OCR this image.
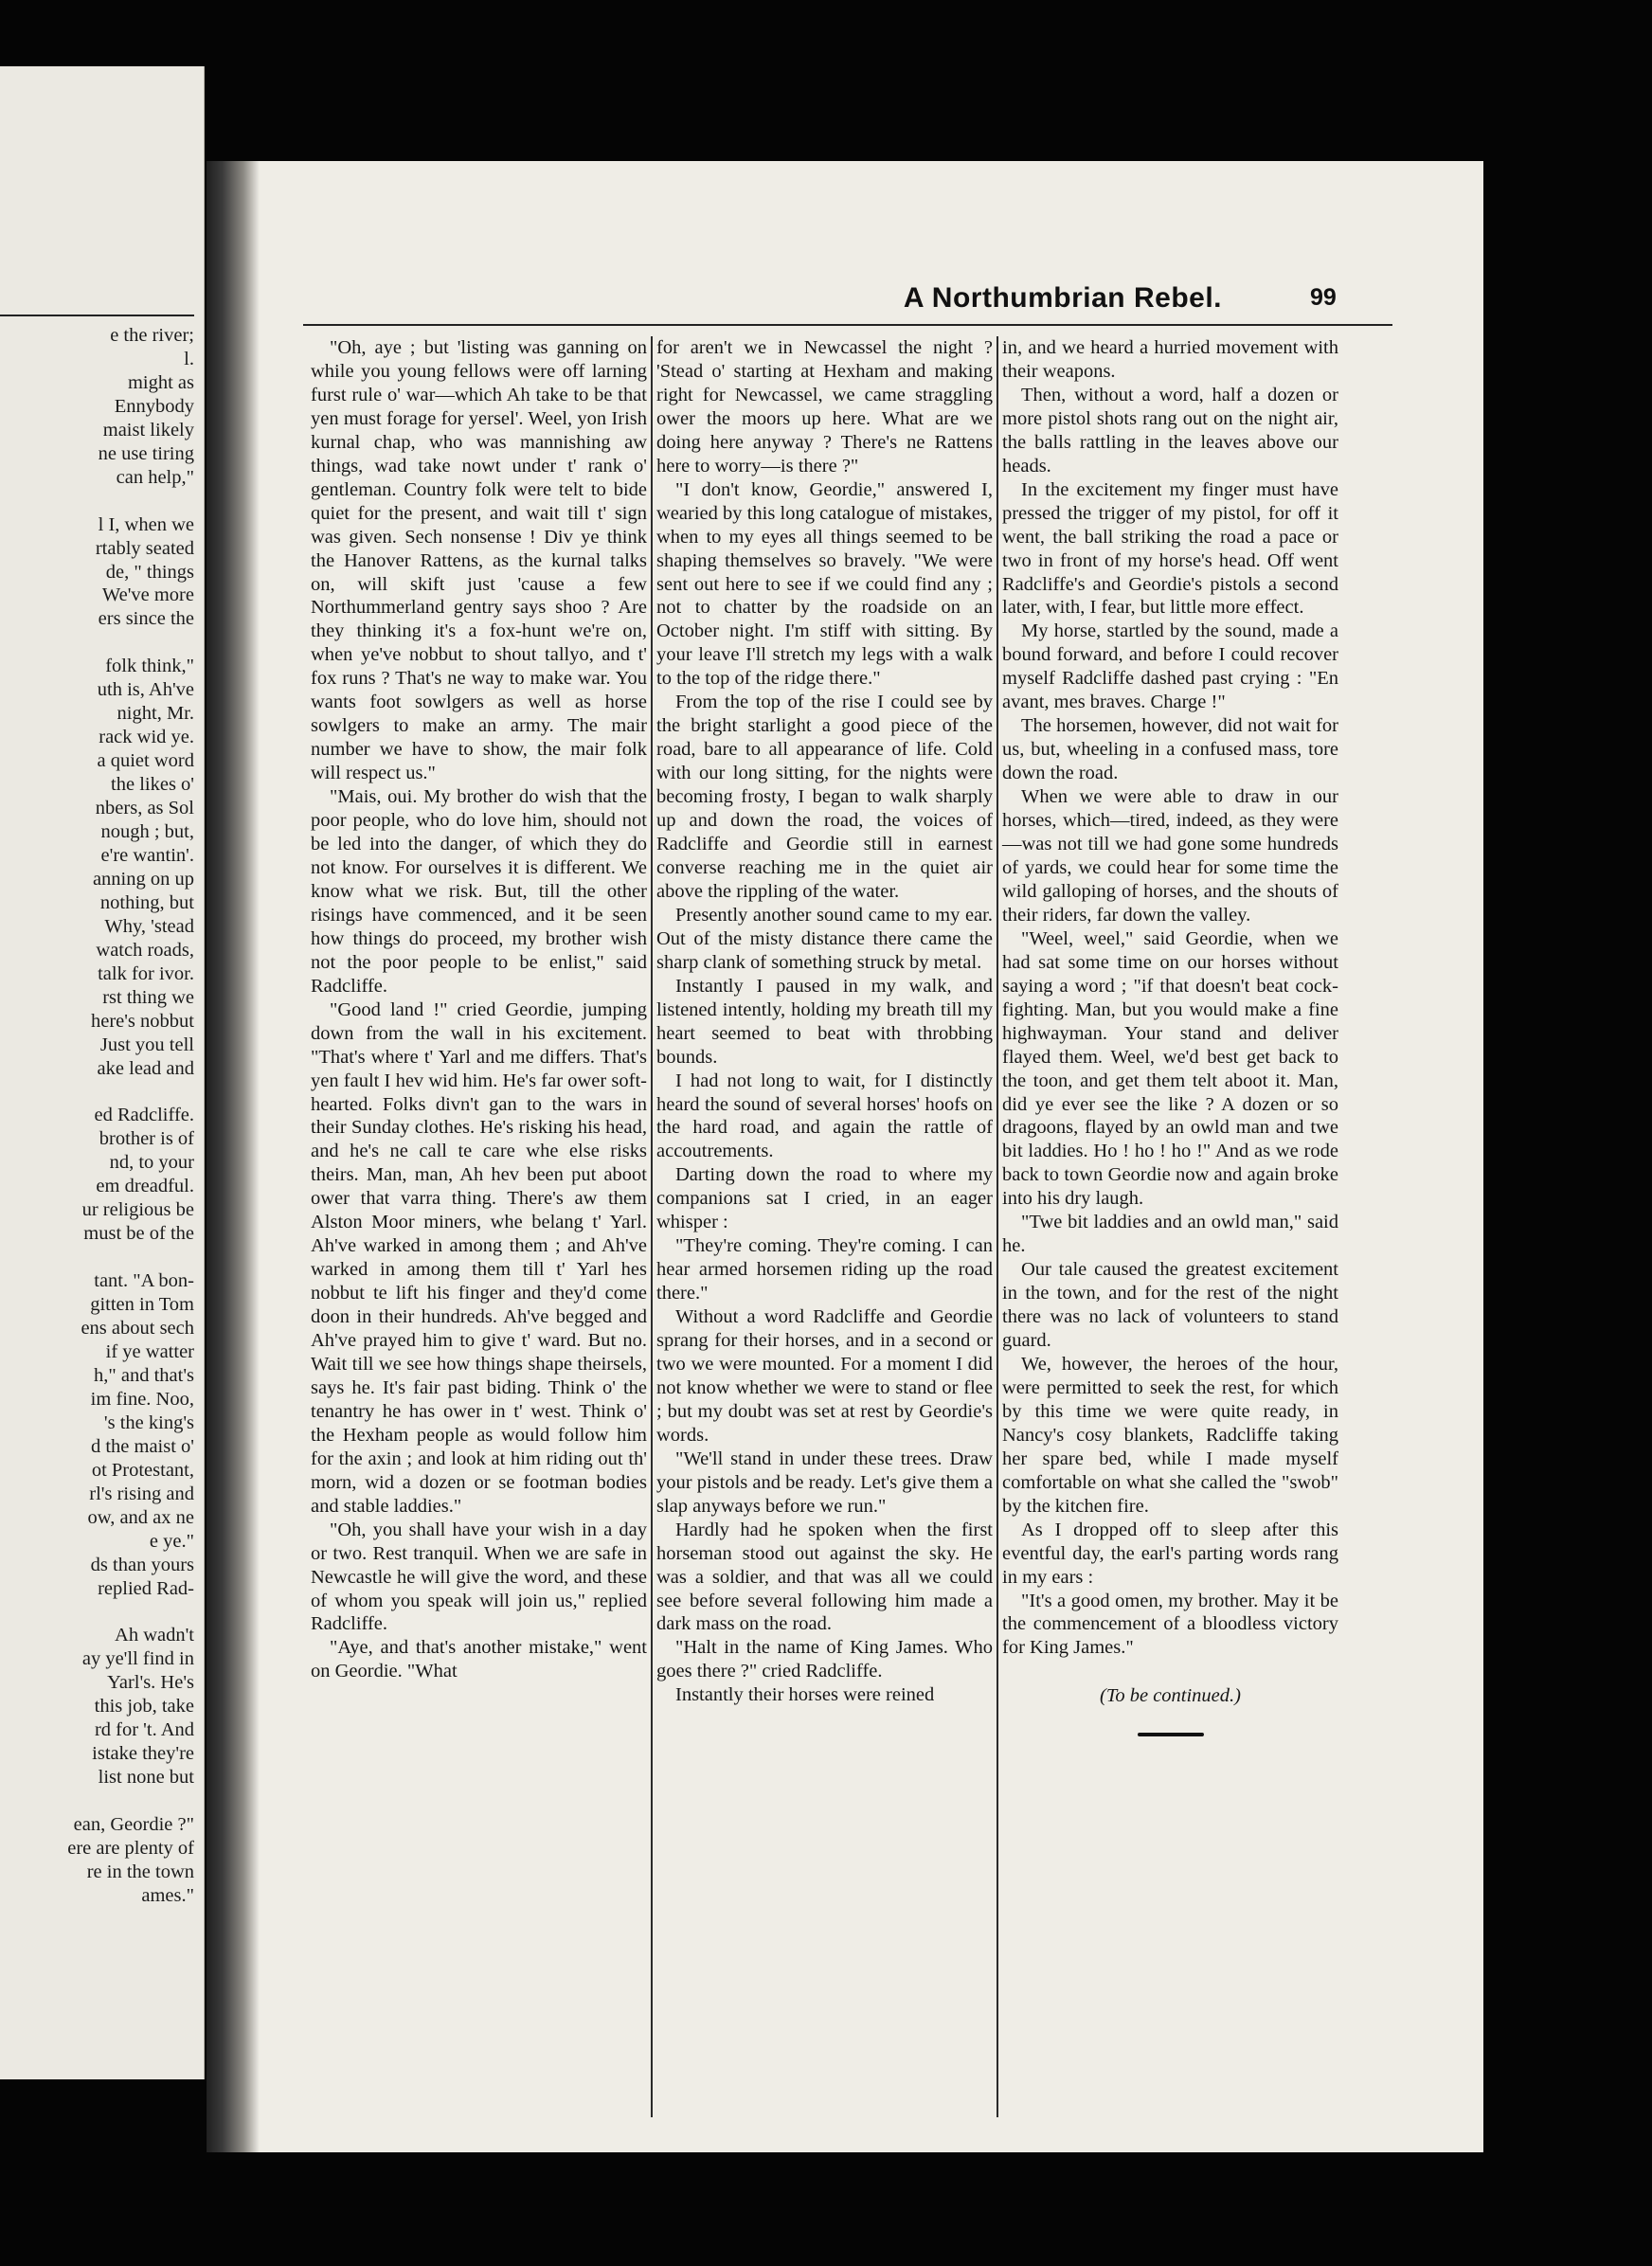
e the river;
l.
might as
Ennybody
maist likely
ne use tiring
can help,"

l I, when we
rtably seated
de, " things
We've more
ers since the

folk think,"
uth is, Ah've
night, Mr.
rack wid ye.
a quiet word
the likes o'
nbers, as Sol
nough ; but,
e're wantin'.
anning on up
nothing, but
Why, 'stead
watch roads,
talk for ivor.
rst thing we
here's nobbut
Just you tell
ake lead and

ed Radcliffe.
brother is of
nd, to your
em dreadful.
ur religious be
must be of the

tant. "A bon-
gitten in Tom
ens about sech
if ye watter
h," and that's
im fine. Noo,
's the king's
d the maist o'
ot Protestant,
rl's rising and
ow, and ax ne
e ye."
ds than yours
replied Rad-

Ah wadn't
ay ye'll find in
Yarl's. He's
this job, take
rd for 't. And
istake they're
list none but

ean, Geordie ?"
ere are plenty of
re in the town
ames."
A Northumbrian Rebel.	99

"Oh, aye ; but 'listing was ganning on while you young fellows were off larning furst rule o' war—which Ah take to be that yen must forage for yersel'. Weel, yon Irish kurnal chap, who was mannishing aw things, wad take nowt under t' rank o' gentleman. Country folk were telt to bide quiet for the present, and wait till t' sign was given. Sech nonsense ! Div ye think the Hanover Rattens, as the kurnal talks on, will skift just 'cause a few Northummerland gentry says shoo ? Are they thinking it's a fox-hunt we're on, when ye've nobbut to shout tallyo, and t' fox runs ? That's ne way to make war. You wants foot sowlgers as well as horse sowlgers to make an army. The mair number we have to show, the mair folk will respect us."

"Mais, oui. My brother do wish that the poor people, who do love him, should not be led into the danger, of which they do not know. For ourselves it is different. We know what we risk. But, till the other risings have commenced, and it be seen how things do proceed, my brother wish not the poor people to be enlist," said Radcliffe.

"Good land !" cried Geordie, jumping down from the wall in his excitement. "That's where t' Yarl and me differs. That's yen fault I hev wid him. He's far ower soft-hearted. Folks divn't gan to the wars in their Sunday clothes. He's risking his head, and he's ne call te care whe else risks theirs. Man, man, Ah hev been put aboot ower that varra thing. There's aw them Alston Moor miners, whe belang t' Yarl. Ah've warked in among them ; and Ah've warked in among them till t' Yarl hes nobbut te lift his finger and they'd come doon in their hundreds. Ah've begged and Ah've prayed him to give t' ward. But no. Wait till we see how things shape theirsels, says he. It's fair past biding. Think o' the tenantry he has ower in t' west. Think o' the Hexham people as would follow him for the axin ; and look at him riding out th' morn, wid a dozen or se footman bodies and stable laddies."

"Oh, you shall have your wish in a day or two. Rest tranquil. When we are safe in Newcastle he will give the word, and these of whom you speak will join us," replied Radcliffe.

"Aye, and that's another mistake," went on Geordie. "What

for aren't we in Newcassel the night ? 'Stead o' starting at Hexham and making right for Newcassel, we came straggling ower the moors up here. What are we doing here anyway ? There's ne Rattens here to worry—is there ?"

"I don't know, Geordie," answered I, wearied by this long catalogue of mistakes, when to my eyes all things seemed to be shaping themselves so bravely. "We were sent out here to see if we could find any ; not to chatter by the roadside on an October night. I'm stiff with sitting. By your leave I'll stretch my legs with a walk to the top of the ridge there."

From the top of the rise I could see by the bright starlight a good piece of the road, bare to all appearance of life. Cold with our long sitting, for the nights were becoming frosty, I began to walk sharply up and down the road, the voices of Radcliffe and Geordie still in earnest converse reaching me in the quiet air above the rippling of the water.

Presently another sound came to my ear. Out of the misty distance there came the sharp clank of something struck by metal.

Instantly I paused in my walk, and listened intently, holding my breath till my heart seemed to beat with throbbing bounds.

I had not long to wait, for I distinctly heard the sound of several horses' hoofs on the hard road, and again the rattle of accoutrements.

Darting down the road to where my companions sat I cried, in an eager whisper :

"They're coming. They're coming. I can hear armed horsemen riding up the road there."

Without a word Radcliffe and Geordie sprang for their horses, and in a second or two we were mounted. For a moment I did not know whether we were to stand or flee ; but my doubt was set at rest by Geordie's words.

"We'll stand in under these trees. Draw your pistols and be ready. Let's give them a slap anyways before we run."

Hardly had he spoken when the first horseman stood out against the sky. He was a soldier, and that was all we could see before several following him made a dark mass on the road.

"Halt in the name of King James. Who goes there ?" cried Radcliffe.

Instantly their horses were reined

in, and we heard a hurried movement with their weapons.

Then, without a word, half a dozen or more pistol shots rang out on the night air, the balls rattling in the leaves above our heads.

In the excitement my finger must have pressed the trigger of my pistol, for off it went, the ball striking the road a pace or two in front of my horse's head. Off went Radcliffe's and Geordie's pistols a second later, with, I fear, but little more effect.

My horse, startled by the sound, made a bound forward, and before I could recover myself Radcliffe dashed past crying : "En avant, mes braves. Charge !"

The horsemen, however, did not wait for us, but, wheeling in a confused mass, tore down the road.

When we were able to draw in our horses, which—tired, indeed, as they were—was not till we had gone some hundreds of yards, we could hear for some time the wild galloping of horses, and the shouts of their riders, far down the valley.

"Weel, weel," said Geordie, when we had sat some time on our horses without saying a word ; "if that doesn't beat cock-fighting. Man, but you would make a fine highwayman. Your stand and deliver flayed them. Weel, we'd best get back to the toon, and get them telt aboot it. Man, did ye ever see the like ? A dozen or so dragoons, flayed by an owld man and twe bit laddies. Ho ! ho ! ho !" And as we rode back to town Geordie now and again broke into his dry laugh.

"Twe bit laddies and an owld man," said he.

Our tale caused the greatest excitement in the town, and for the rest of the night there was no lack of volunteers to stand guard.

We, however, the heroes of the hour, were permitted to seek the rest, for which by this time we were quite ready, in Nancy's cosy blankets, Radcliffe taking her spare bed, while I made myself comfortable on what she called the "swob" by the kitchen fire.

As I dropped off to sleep after this eventful day, the earl's parting words rang in my ears :

"It's a good omen, my brother. May it be the commencement of a bloodless victory for King James."

(To be continued.)
